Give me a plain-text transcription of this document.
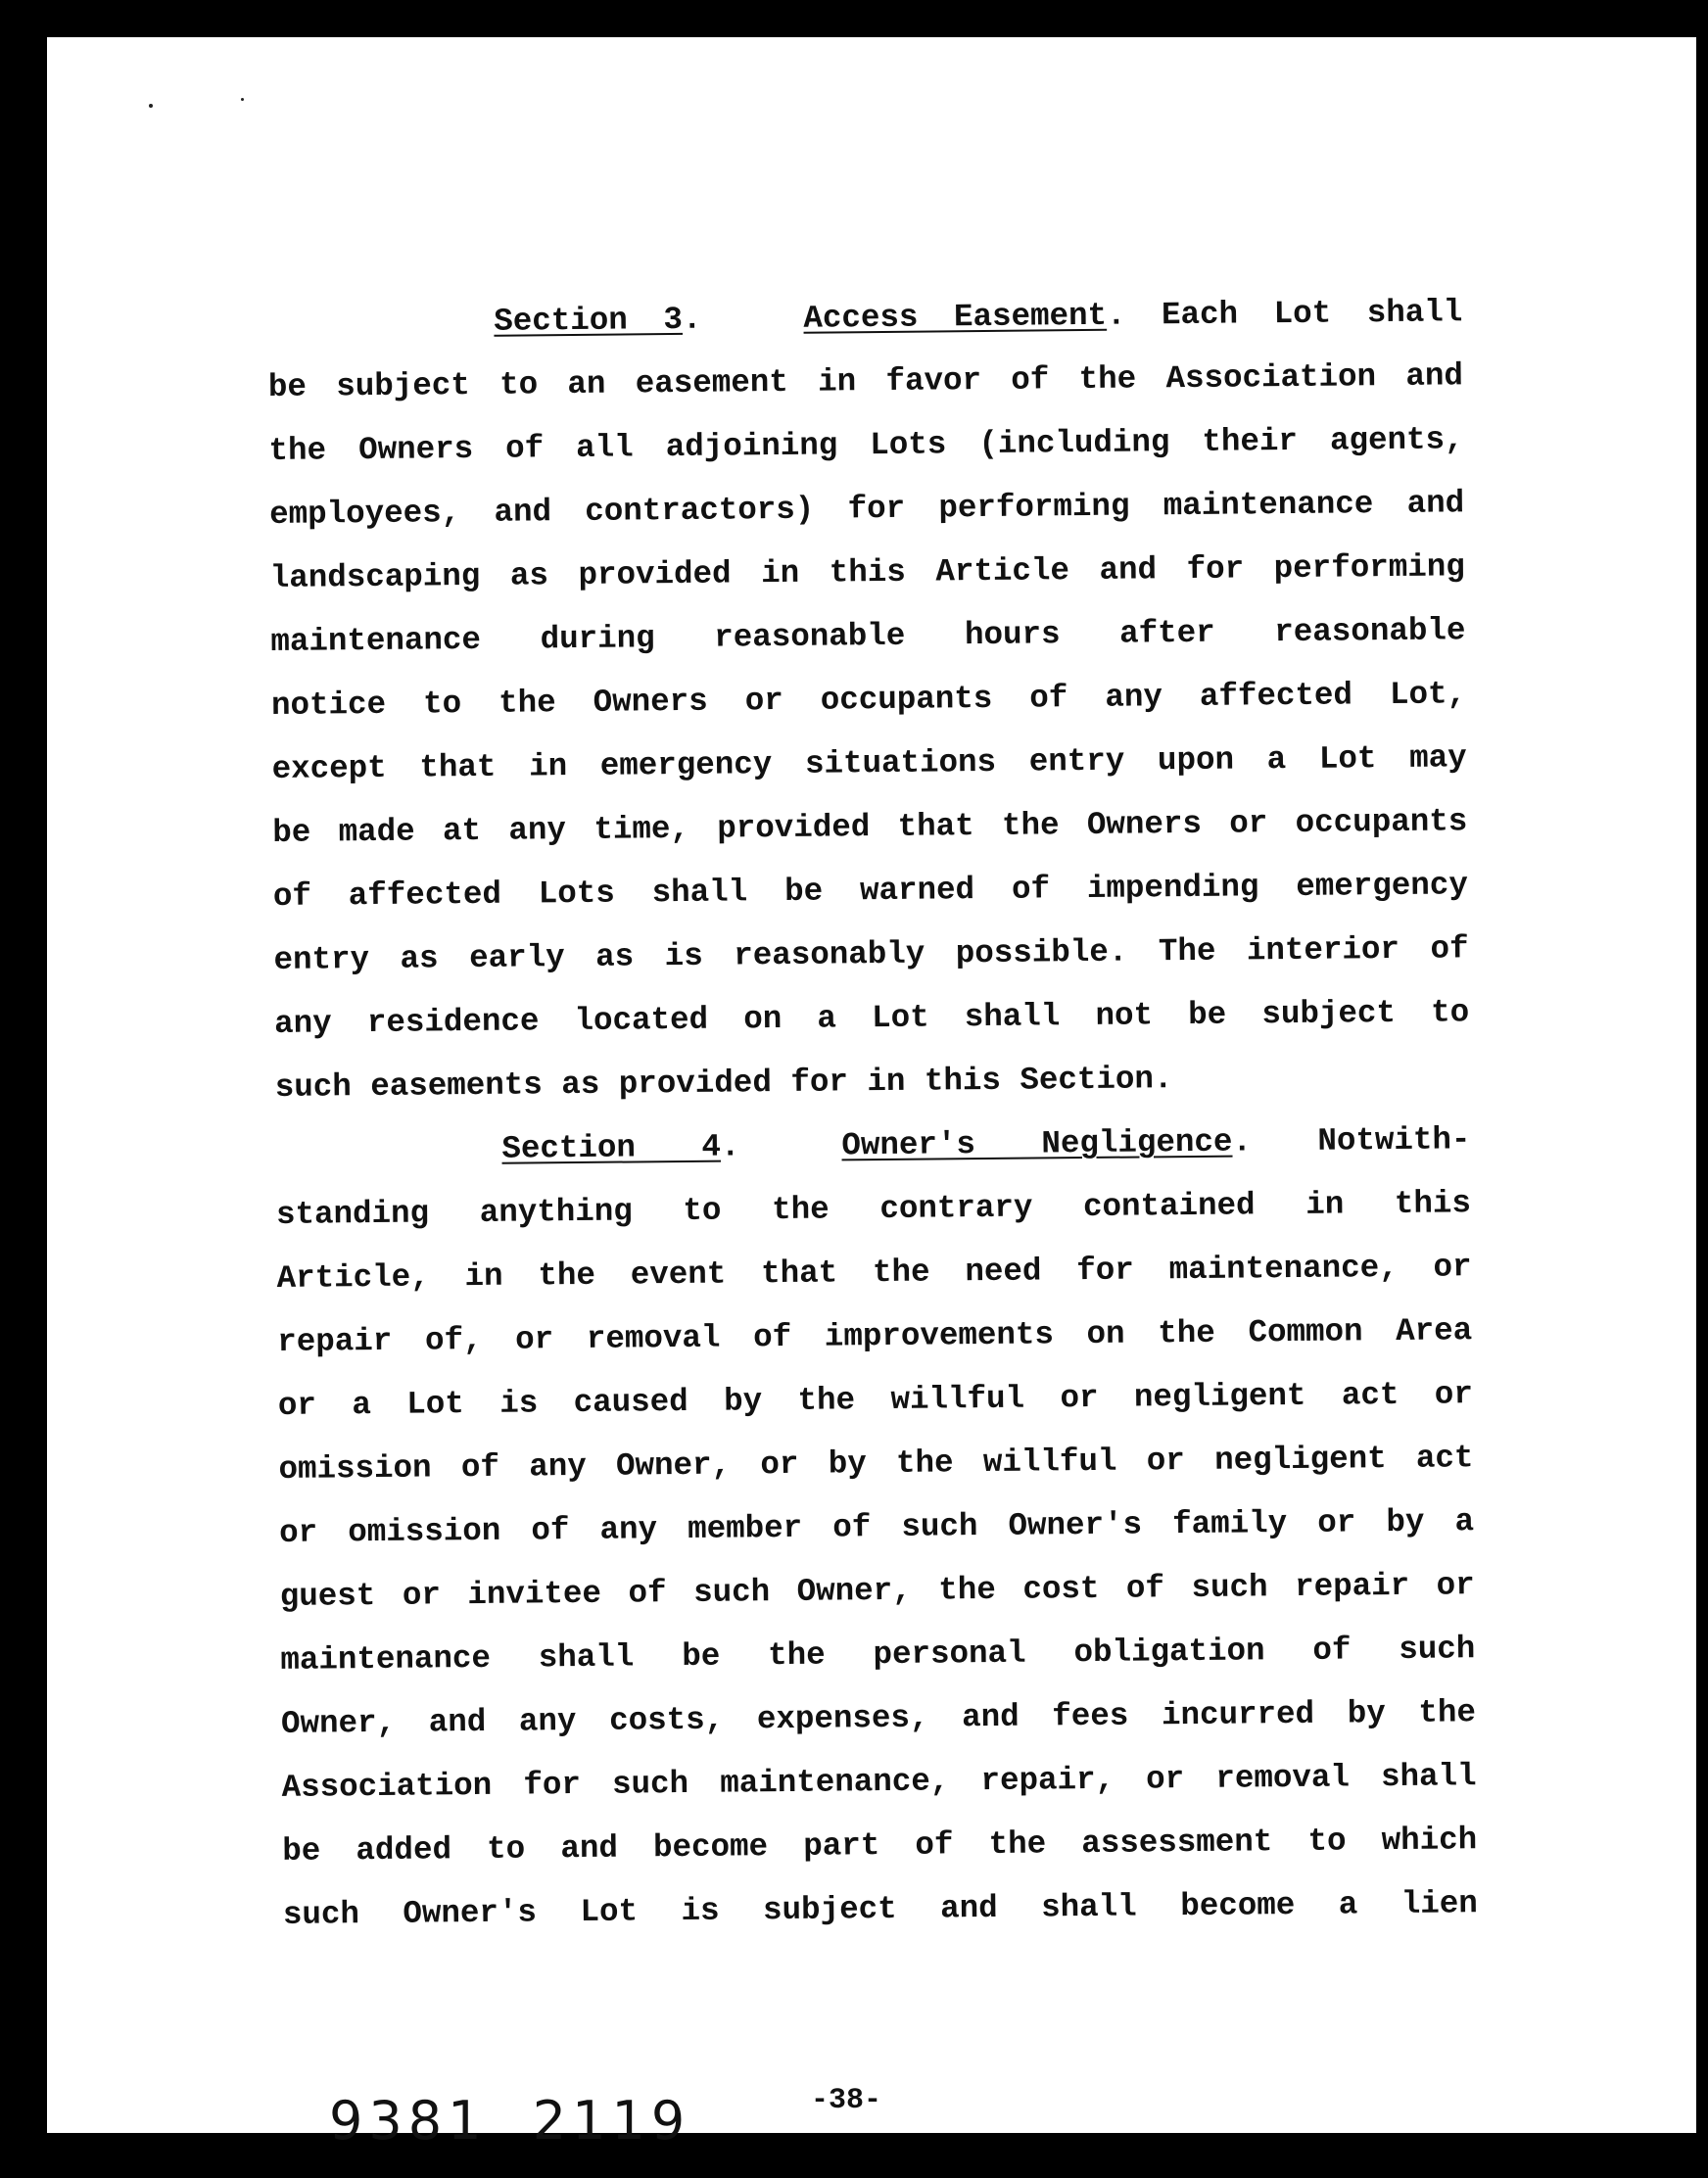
Section 3.	Access Easement. Each Lot shall
be subject to an easement in favor of the Association and
the Owners of all adjoining Lots (including their agents,
employees, and contractors) for performing maintenance and
landscaping as provided in this Article and for performing
maintenance during reasonable hours after reasonable
notice to the Owners or occupants of any affected Lot,
except that in emergency situations entry upon a Lot may
be made at any time, provided that the Owners or occupants
of affected Lots shall be warned of impending emergency
entry as early as is reasonably possible. The interior of
any residence located on a Lot shall not be subject to
such easements as provided for in this Section.
Section 4.	Owner's Negligence. Notwith-
standing anything to the contrary contained in this
Article, in the event that the need for maintenance, or
repair of, or removal of improvements on the Common Area
or a Lot is caused by the willful or negligent act or
omission of any Owner, or by the willful or negligent act
or omission of any member of such Owner's family or by a
guest or invitee of such Owner, the cost of such repair or
maintenance shall be the personal obligation of such
Owner, and any costs, expenses, and fees incurred by the
Association for such maintenance, repair, or removal shall
be added to and become part of the assessment to which
such Owner's Lot is subject and shall become a lien
9381  2119	-38-
